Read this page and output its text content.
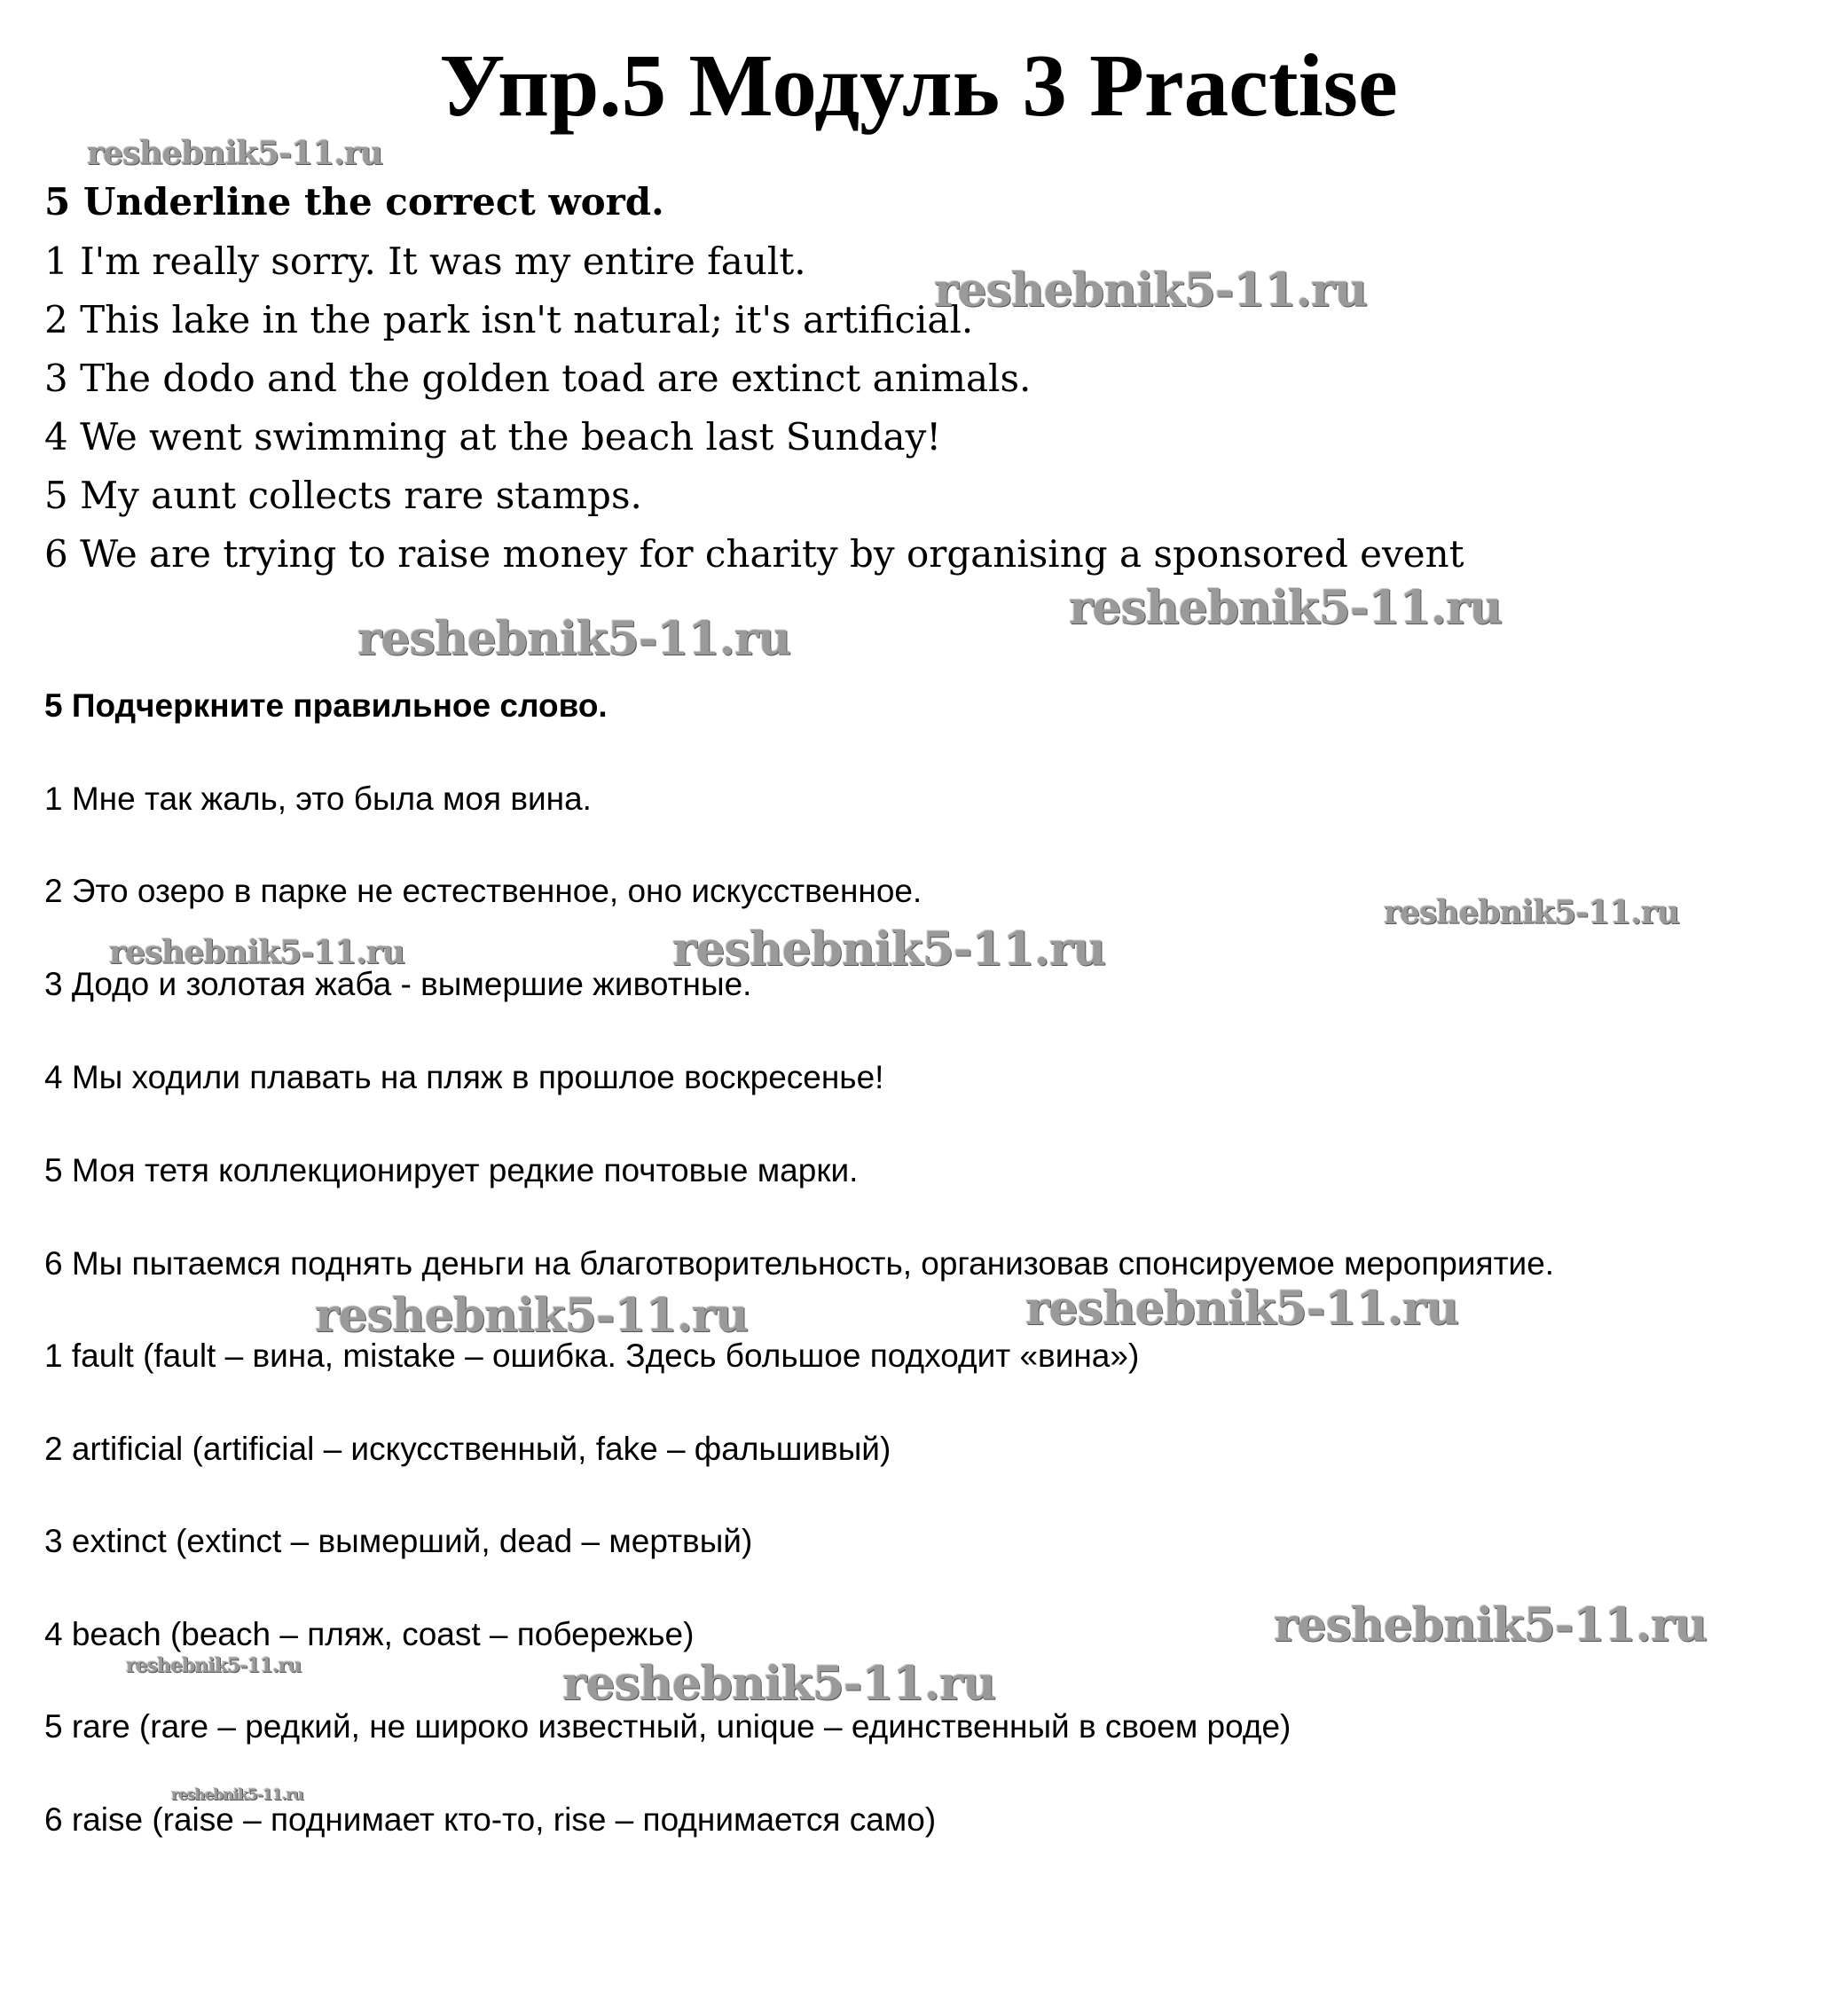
Упр.5 Модуль 3 Practise

5 Underline the correct word.

1 I'm really sorry. It was my entire fault.

2 This lake in the park isn't natural; it's artificial.

3 The dodo and the golden toad are extinct animals.

4 We went swimming at the beach last Sunday!

5 My aunt collects rare stamps.

6 We are trying to raise money for charity by organising a sponsored event

5 Подчеркните правильное слово.

1 Мне так жаль, это была моя вина.

2 Это озеро в парке не естественное, оно искусственное.

3 Додо и золотая жаба - вымершие животные.

4 Мы ходили плавать на пляж в прошлое воскресенье!

5 Моя тетя коллекционирует редкие почтовые марки.

6 Мы пытаемся поднять деньги на благотворительность, организовав спонсируемое мероприятие.

1 fault (fault – вина, mistake – ошибка. Здесь большое подходит «вина»)

2 artificial (artificial – искусственный, fake – фальшивый)

3 extinct (extinct – вымерший, dead – мертвый)

4 beach (beach – пляж, coast – побережье)

5 rare (rare – редкий, не широко известный, unique – единственный в своем роде)

6 raise (raise – поднимает кто-то, rise – поднимается само)

reshebnik5-11.ru
reshebnik5-11.ru
reshebnik5-11.ru
reshebnik5-11.ru
reshebnik5-11.ru
reshebnik5-11.ru	reshebnik5-11.ru
reshebnik5-11.ru	reshebnik5-11.ru
reshebnik5-11.ru
reshebnik5-11.ru	reshebnik5-11.ru
reshebnik5-11.ru
